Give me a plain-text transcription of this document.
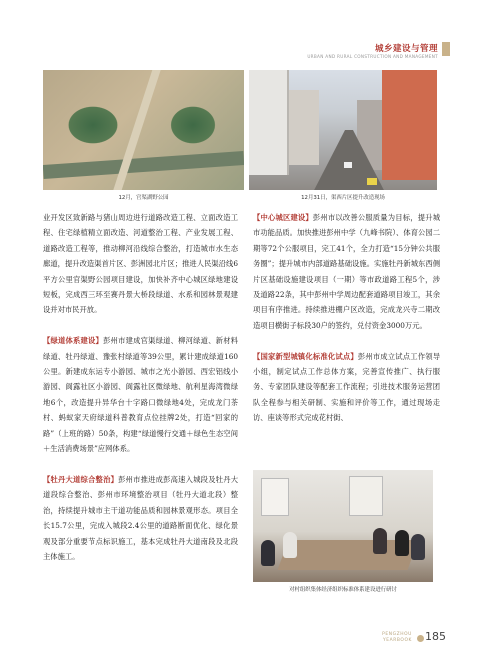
城乡建设与管理
URBAN AND RURAL CONSTRUCTION AND MANAGEMENT
12月，官渠湖野公园	12月31日，渠西片区提升改造现场

业开发区致新路与猪山周边进行道路改造工程、立面改造工程、住宅绿植精立面改造、河道整治工程、产业发展工程、道路改造工程等，推动柳河沿线综合整治，打造城市水生态廊道，提升改造渠首片区、彭洲园北片区；推进人民渠沿线6平方公里官渠野公园项目建设，加快补齐中心城区绿地建设短板，完成西三环至赛丹景大桥段绿道、水系和园林景观建设并对市民开放。

【绿道体系建设】彭州市建成官渠绿道、柳河绿道、新材料绿道、牡丹绿道、豫张村绿道等39公里，累计建成绿道160公里。新建成东运专小游园、城市之光小游园、西宏铝线小游园、阆露社区小游园、阆露社区微绿地、航利星海湾微绿地6个，改造提升异华台十字路口微绿地4处，完成龙门茶村、蚂蚁家天府绿道科普教育点位挂牌2处，打造“回家的路”（上班的路）50条，构建“绿道慢行交通＋绿色生态空间＋生活消费场景”应网体系。

【牡丹大道综合整治】彭州市推进成彭高速入城段及牡丹大道段综合整治、彭州市环境整治项目（牡丹大道北段）整治，持续提升城市主干道功能品质和园林景观形态。项目全长15.7公里，完成入城段2.4公里的道路断面优化、绿化景观及部分重要节点标识施工，基本完成牡丹大道南段及北段主体施工。

【中心城区建设】彭州市以改善公服质量为目标，提升城市功能品质。加快推进彭州中学（九峰书院）、体育公园二期等72个公服项目，完工41个，全力打造“15分钟公共服务圈”；提升城市内部道路基础设施。实施牡丹新城东西侧片区基础设施建设项目（一期）等市政道路工程5个，涉及道路22条，其中彭州中学周边配套道路项目竣工，其余项目有序推进。持续推进棚户区改造，完成龙兴寺二期改造项目横街子标段30户的签约，兑付资金3000万元。

【国家新型城镇化标准化试点】彭州市成立试点工作领导小组，制定试点工作总体方案，完善宣传推广、执行服务、专家团队建设等配套工作流程；引进技术服务运营团队全程参与相关研制、实施和评价等工作，通过现场走访、座谈等形式完成花村街、

对村组织集体经济组织标准体系建设进行研讨
PENGZHOU
YEARBOOK 185
